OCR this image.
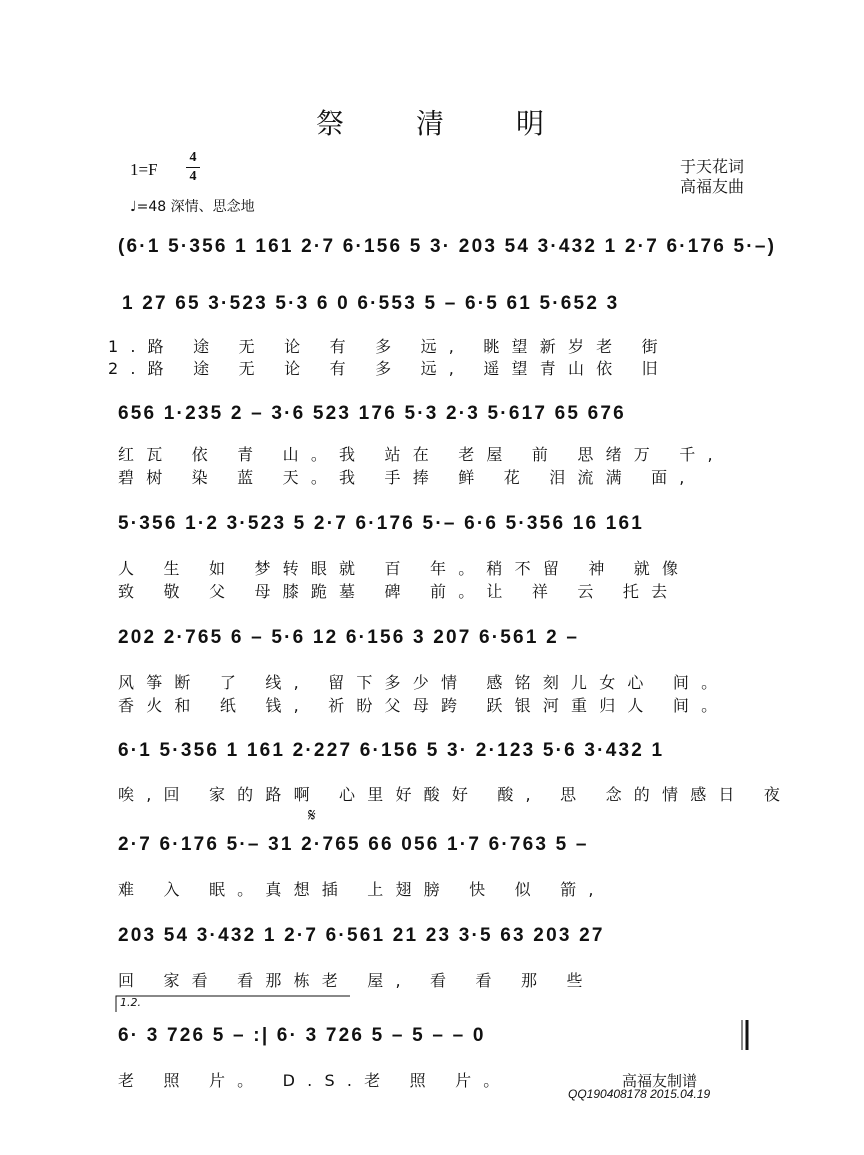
祭 清 明
1=F
4
4
♩=48 深情、思念地
于天花词
高福友曲
(6·1 5·356 1 161 2·7 6·156 5 3· 203 54 3·432 1 2·7 6·176 5·–)
1 27 65 3·523 5·3 6 0 6·553 5 – 6·5 61 5·652 3
1.路 途 无 论 有 多 远, 眺望新岁老 街
2.路 途 无 论 有 多 远, 遥望青山依 旧
656 1·235 2 – 3·6 523 176 5·3 2·3 5·617 65 676
红瓦 依 青 山。我 站在 老屋 前 思绪万 千,
碧树 染 蓝 天。我 手捧 鲜 花 泪流满 面,
5·356 1·2 3·523 5 2·7 6·176 5·– 6·6 5·356 16 161
人 生 如 梦转眼就 百 年。稍不留 神 就像
致 敬 父 母膝跪墓 碑 前。让 祥 云 托去
202 2·765 6 – 5·6 12 6·156 3 207 6·561 2 –
风筝断 了 线, 留下多少情 感铭刻儿女心 间。
香火和 纸 钱, 祈盼父母跨 跃银河重归人 间。
6·1 5·356 1 161 2·227 6·156 5 3· 2·123 5·6 3·432 1
唉,回 家的路啊 心里好酸好 酸, 思 念的情感日 夜
𝄋
2·7 6·176 5·– 31 2·765 66 056 1·7 6·763 5 –
难 入 眠。真想插 上翅膀 快 似 箭,
203 54 3·432 1 2·7 6·561 21 23 3·5 63 203 27
回 家看 看那栋老 屋, 看 看 那 些
1.2.
6· 3 726 5 – :| 6· 3 726 5 – 5 – – 0
老 照 片。 D.S.老 照 片。	高福友制谱
QQ190408178 2015.04.19
